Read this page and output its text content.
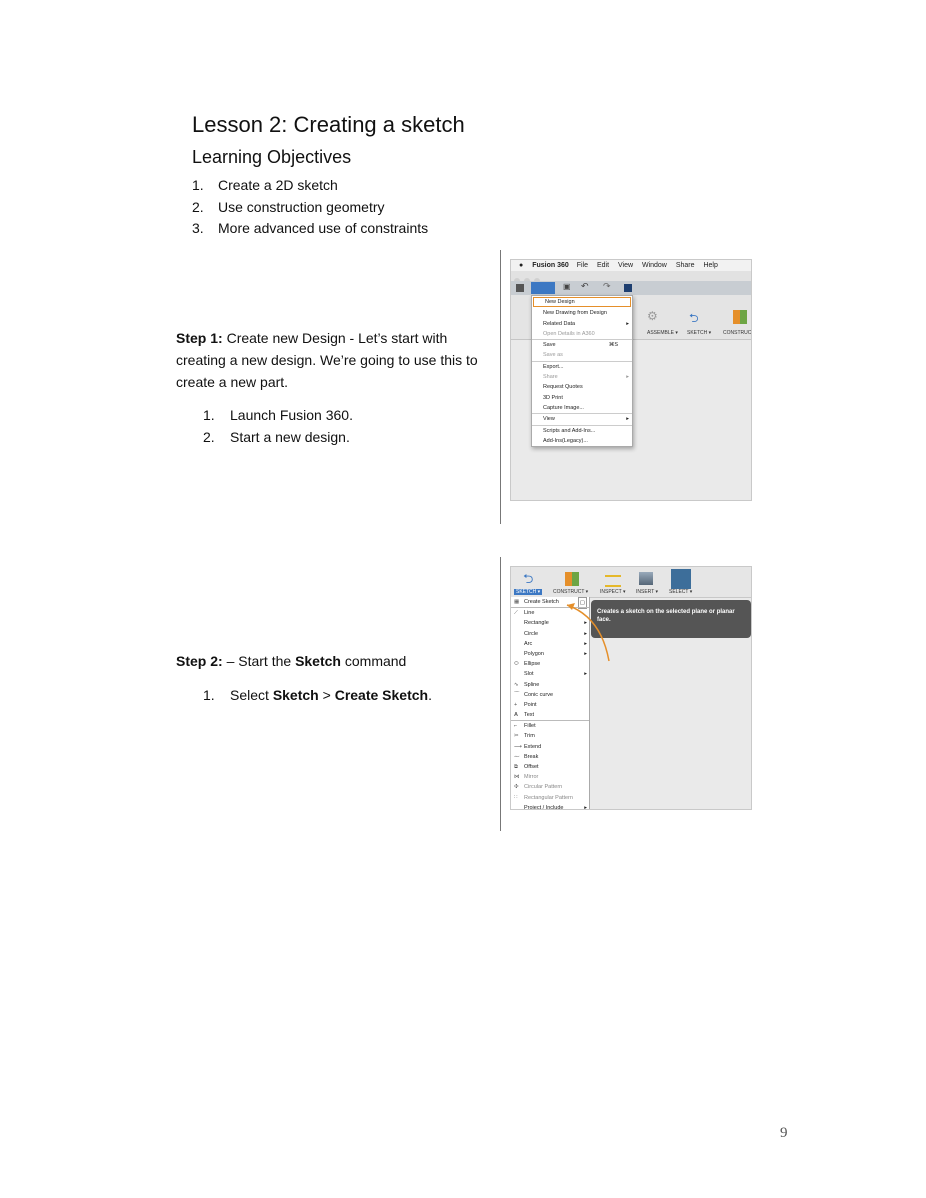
Lesson 2: Creating a sketch
Learning Objectives
1. Create a 2D sketch
2. Use construction geometry
3. More advanced use of constraints
Step 1: Create new Design - Let’s start with creating a new design. We’re going to use this to create a new part.
1. Launch Fusion 360.
2. Start a new design.
Step 2: – Start the Sketch command
1. Select Sketch > Create Sketch.
● Fusion 360 File Edit View Window Share Help
▣ ↶ ↷
⚙	⮌
ASSEMBLE ▾ SKETCH ▾ CONSTRUC
New Design
New Drawing from Design
Related Data	▸
Open Details in A360
Save	⌘S
Save as
Export...
Share	▸
Request Quotes
3D Print
Capture Image...
View	▸
Scripts and Add-Ins...
Add-Ins(Legacy)...
⮌
SKETCH ▾	CONSTRUCT ▾ INSPECT ▾ INSERT ▾ SELECT ▾
▦ Create Sketch	▢
⟋ Line
Rectangle	▸
Circle	▸
Arc	▸
Polygon	▸
⬭ Ellipse
Slot	▸
∿ Spline
⌒ Conic curve
+ Point
A Text
⌐ Fillet
✂ Trim
⟶ Extend
⁓ Break
⧉ Offset
⋈ Mirror
✣ Circular Pattern
∷ Rectangular Pattern
Project / Include	▸
Creates a sketch on the selected plane or planar face.
9
